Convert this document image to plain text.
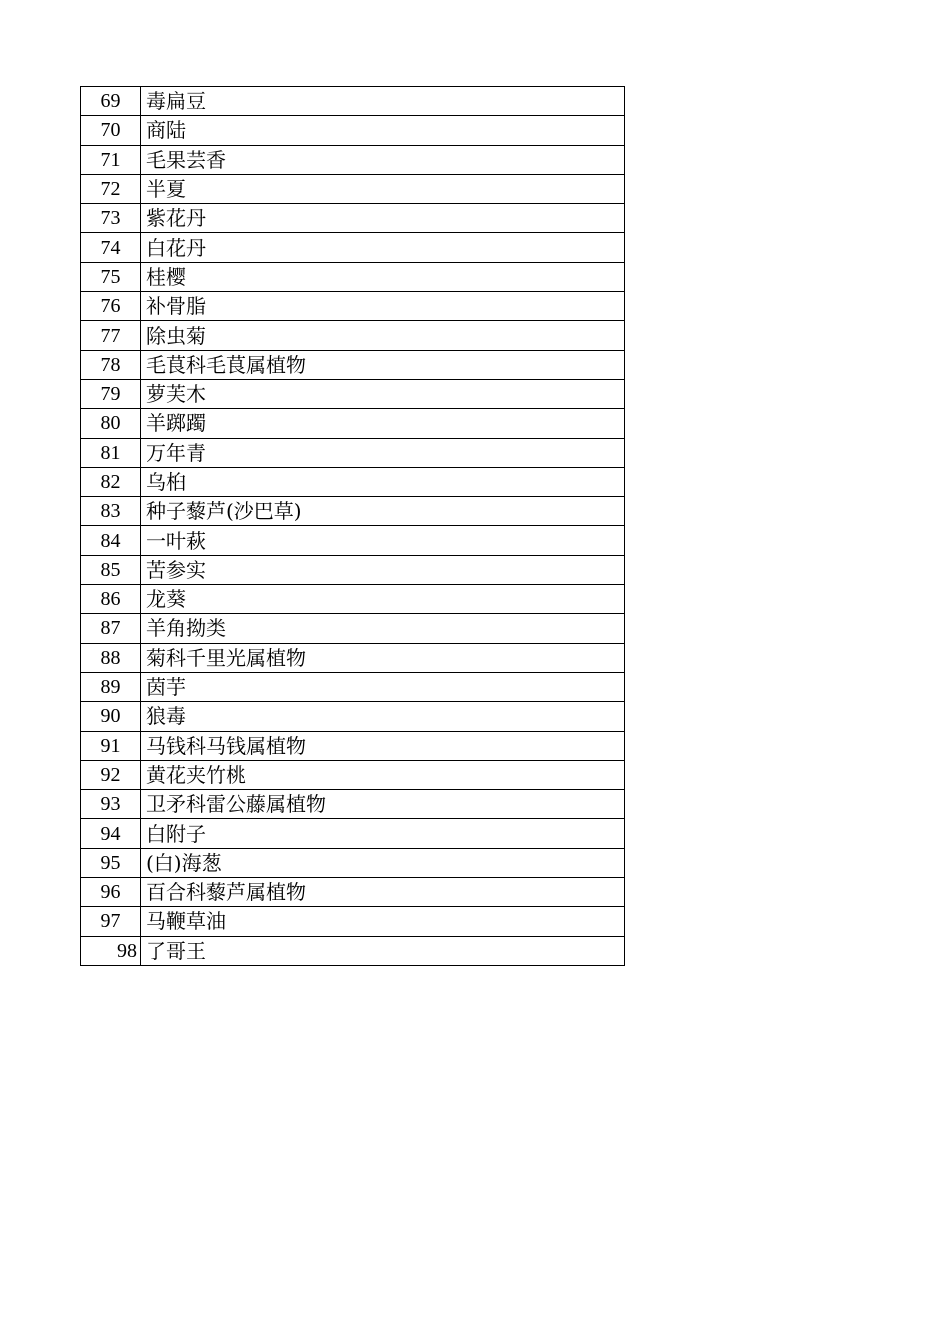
69	毒扁豆
70	商陆
71	毛果芸香
72	半夏
73	紫花丹
74	白花丹
75	桂樱
76	补骨脂
77	除虫菊
78	毛茛科毛茛属植物
79	萝芙木
80	羊踯躅
81	万年青
82	乌桕
83	种子藜芦(沙巴草)
84	一叶萩
85	苦参实
86	龙葵
87	羊角拗类
88	菊科千里光属植物
89	茵芋
90	狼毒
91	马钱科马钱属植物
92	黄花夹竹桃
93	卫矛科雷公藤属植物
94	白附子
95	(白)海葱
96	百合科藜芦属植物
97	马鞭草油
98	了哥王
